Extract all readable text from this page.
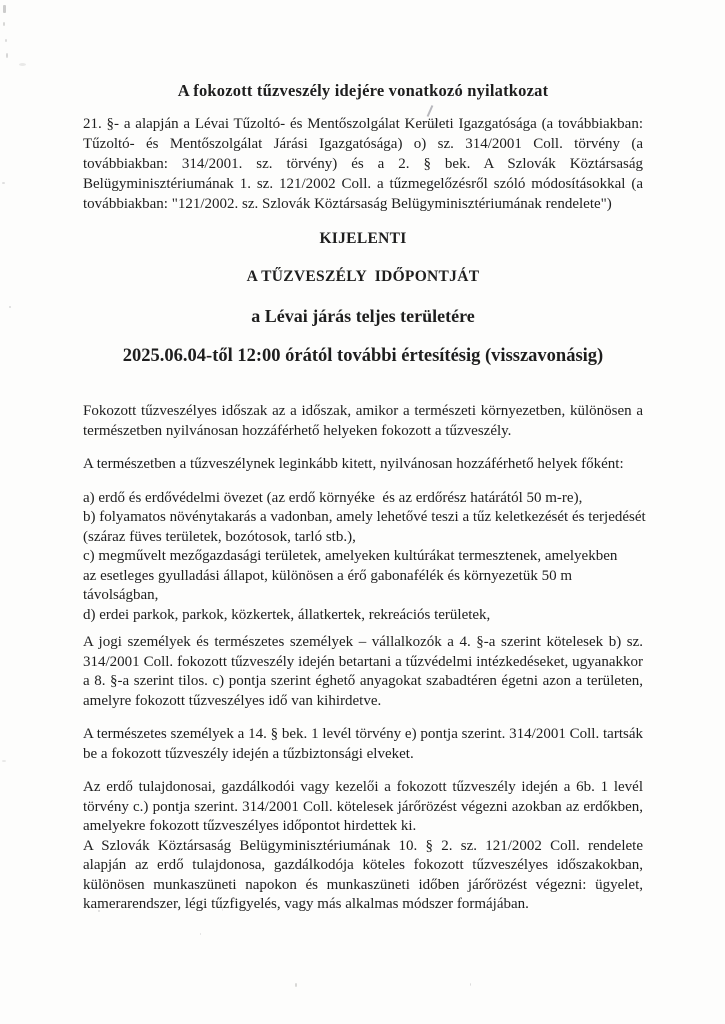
A fokozott tűzveszély idejére vonatkozó nyilatkozat

21. §- a alapján a Lévai Tűzoltó- és Mentőszolgálat Kerületi Igazgatósága (a továbbiakban: Tűzoltó- és Mentőszolgálat Járási Igazgatósága) o) sz. 314/2001 Coll. törvény (a továbbiakban: 314/2001. sz. törvény) és a 2. § bek. A Szlovák Köztársaság Belügyminisztériumának 1. sz. 121/2002 Coll. a tűzmegelőzésről szóló módosításokkal (a továbbiakban: "121/2002. sz. Szlovák Köztársaság Belügyminisztériumának rendelete")

KIJELENTI
A TŰZVESZÉLY  IDŐPONTJÁT
a Lévai járás teljes területére
2025.06.04-től 12:00 órától további értesítésig (visszavonásig)

Fokozott tűzveszélyes időszak az a időszak, amikor a természeti környezetben, különösen a természetben nyilvánosan hozzáférhető helyeken fokozott a tűzveszély.

A természetben a tűzveszélynek leginkább kitett, nyilvánosan hozzáférhető helyek főként:

a) erdő és erdővédelmi övezet (az erdő környéke  és az erdőrész határától 50 m-re),
b) folyamatos növénytakarás a vadonban, amely lehetővé teszi a tűz keletkezését és terjedését
(száraz füves területek, bozótosok, tarló stb.),
c) megművelt mezőgazdasági területek, amelyeken kultúrákat termesztenek, amelyekben
az esetleges gyulladási állapot, különösen a érő gabonafélék és környezetük 50 m
távolságban,
d) erdei parkok, parkok, közkertek, állatkertek, rekreációs területek,

A jogi személyek és természetes személyek – vállalkozók a 4. §-a szerint kötelesek b) sz. 314/2001 Coll. fokozott tűzveszély idején betartani a tűzvédelmi intézkedéseket, ugyanakkor a 8. §-a szerint tilos. c) pontja szerint éghető anyagokat szabadtéren égetni azon a területen, amelyre fokozott tűzveszélyes idő van kihirdetve.

A természetes személyek a 14. § bek. 1 levél törvény e) pontja szerint. 314/2001 Coll. tartsák be a fokozott tűzveszély idején a tűzbiztonsági elveket.

Az erdő tulajdonosai, gazdálkodói vagy kezelői a fokozott tűzveszély idején a 6b. 1 levél törvény c.) pontja szerint. 314/2001 Coll. kötelesek járőrözést végezni azokban az erdőkben, amelyekre fokozott tűzveszélyes időpontot hirdettek ki.

A Szlovák Köztársaság Belügyminisztériumának 10. § 2. sz. 121/2002 Coll. rendelete alapján az erdő tulajdonosa, gazdálkodója köteles fokozott tűzveszélyes időszakokban, különösen munkaszüneti napokon és munkaszüneti időben járőrözést végezni: ügyelet, kamerarendszer, légi tűzfigyelés, vagy más alkalmas módszer formájában.
